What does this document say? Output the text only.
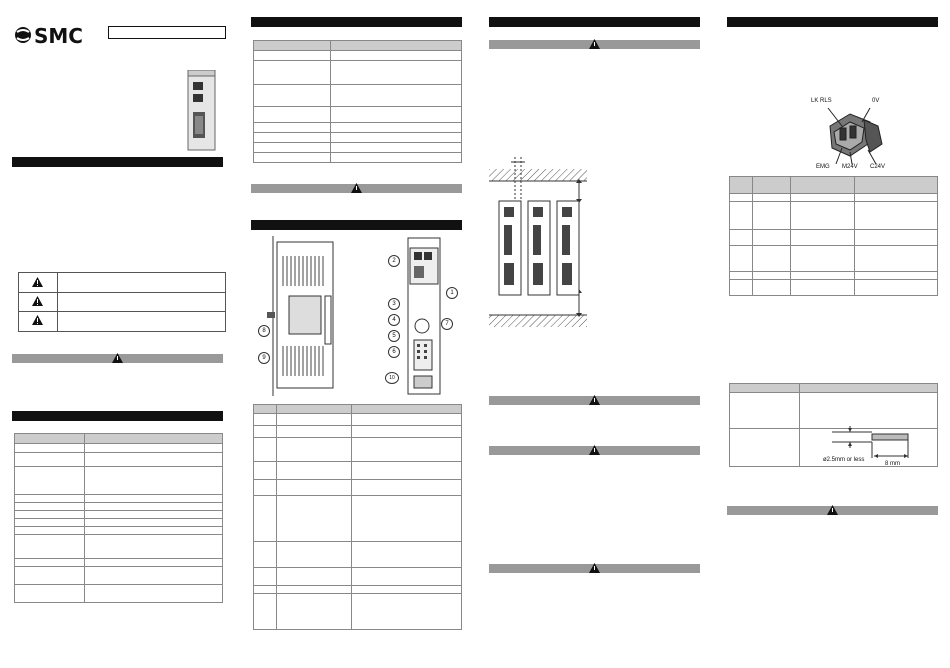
SMC

8
9
2
1
3
7
4
5
6
10

LK RLS	0V
EMG M24V C24V

ø2.5mm or less
8 mm
